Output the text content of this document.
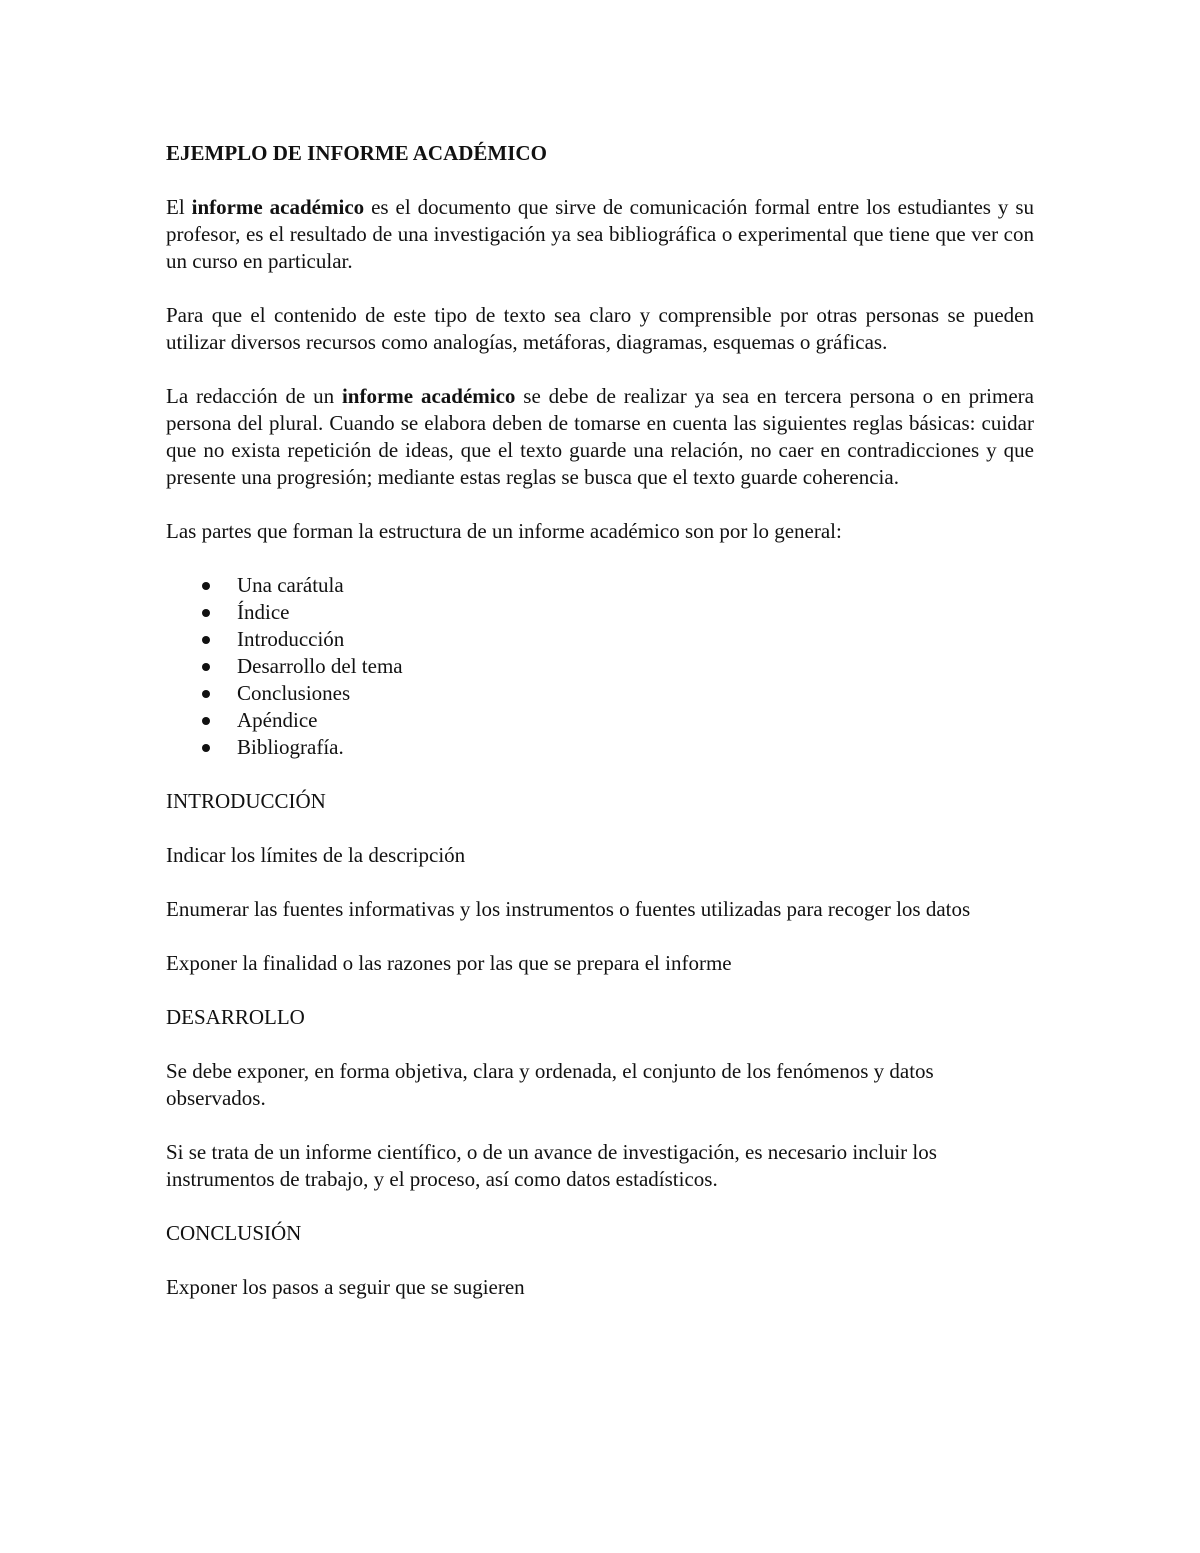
EJEMPLO DE INFORME ACADÉMICO

El informe académico es el documento que sirve de comunicación formal entre los estudiantes y su profesor, es el resultado de una investigación ya sea bibliográfica o experimental que tiene que ver con un curso en particular.

Para que el contenido de este tipo de texto sea claro y comprensible por otras personas se pueden utilizar diversos recursos como analogías, metáforas, diagramas, esquemas o gráficas.

La redacción de un informe académico se debe de realizar ya sea en tercera persona o en primera persona del plural. Cuando se elabora deben de tomarse en cuenta las siguientes reglas básicas: cuidar que no exista repetición de ideas, que el texto guarde una relación, no caer en contradicciones y que presente una progresión; mediante estas reglas se busca que el texto guarde coherencia.

Las partes que forman la estructura de un informe académico son por lo general:

Una carátula
Índice
Introducción
Desarrollo del tema
Conclusiones
Apéndice
Bibliografía.

INTRODUCCIÓN

Indicar los límites de la descripción

Enumerar las fuentes informativas y los instrumentos o fuentes utilizadas para recoger los datos

Exponer la finalidad o las razones por las que se prepara el informe

DESARROLLO

Se debe exponer, en forma objetiva, clara y ordenada, el conjunto de los fenómenos y datos observados.

Si se trata de un informe científico, o de un avance de investigación, es necesario incluir los instrumentos de trabajo, y el proceso, así como datos estadísticos.

CONCLUSIÓN

Exponer los pasos a seguir que se sugieren
